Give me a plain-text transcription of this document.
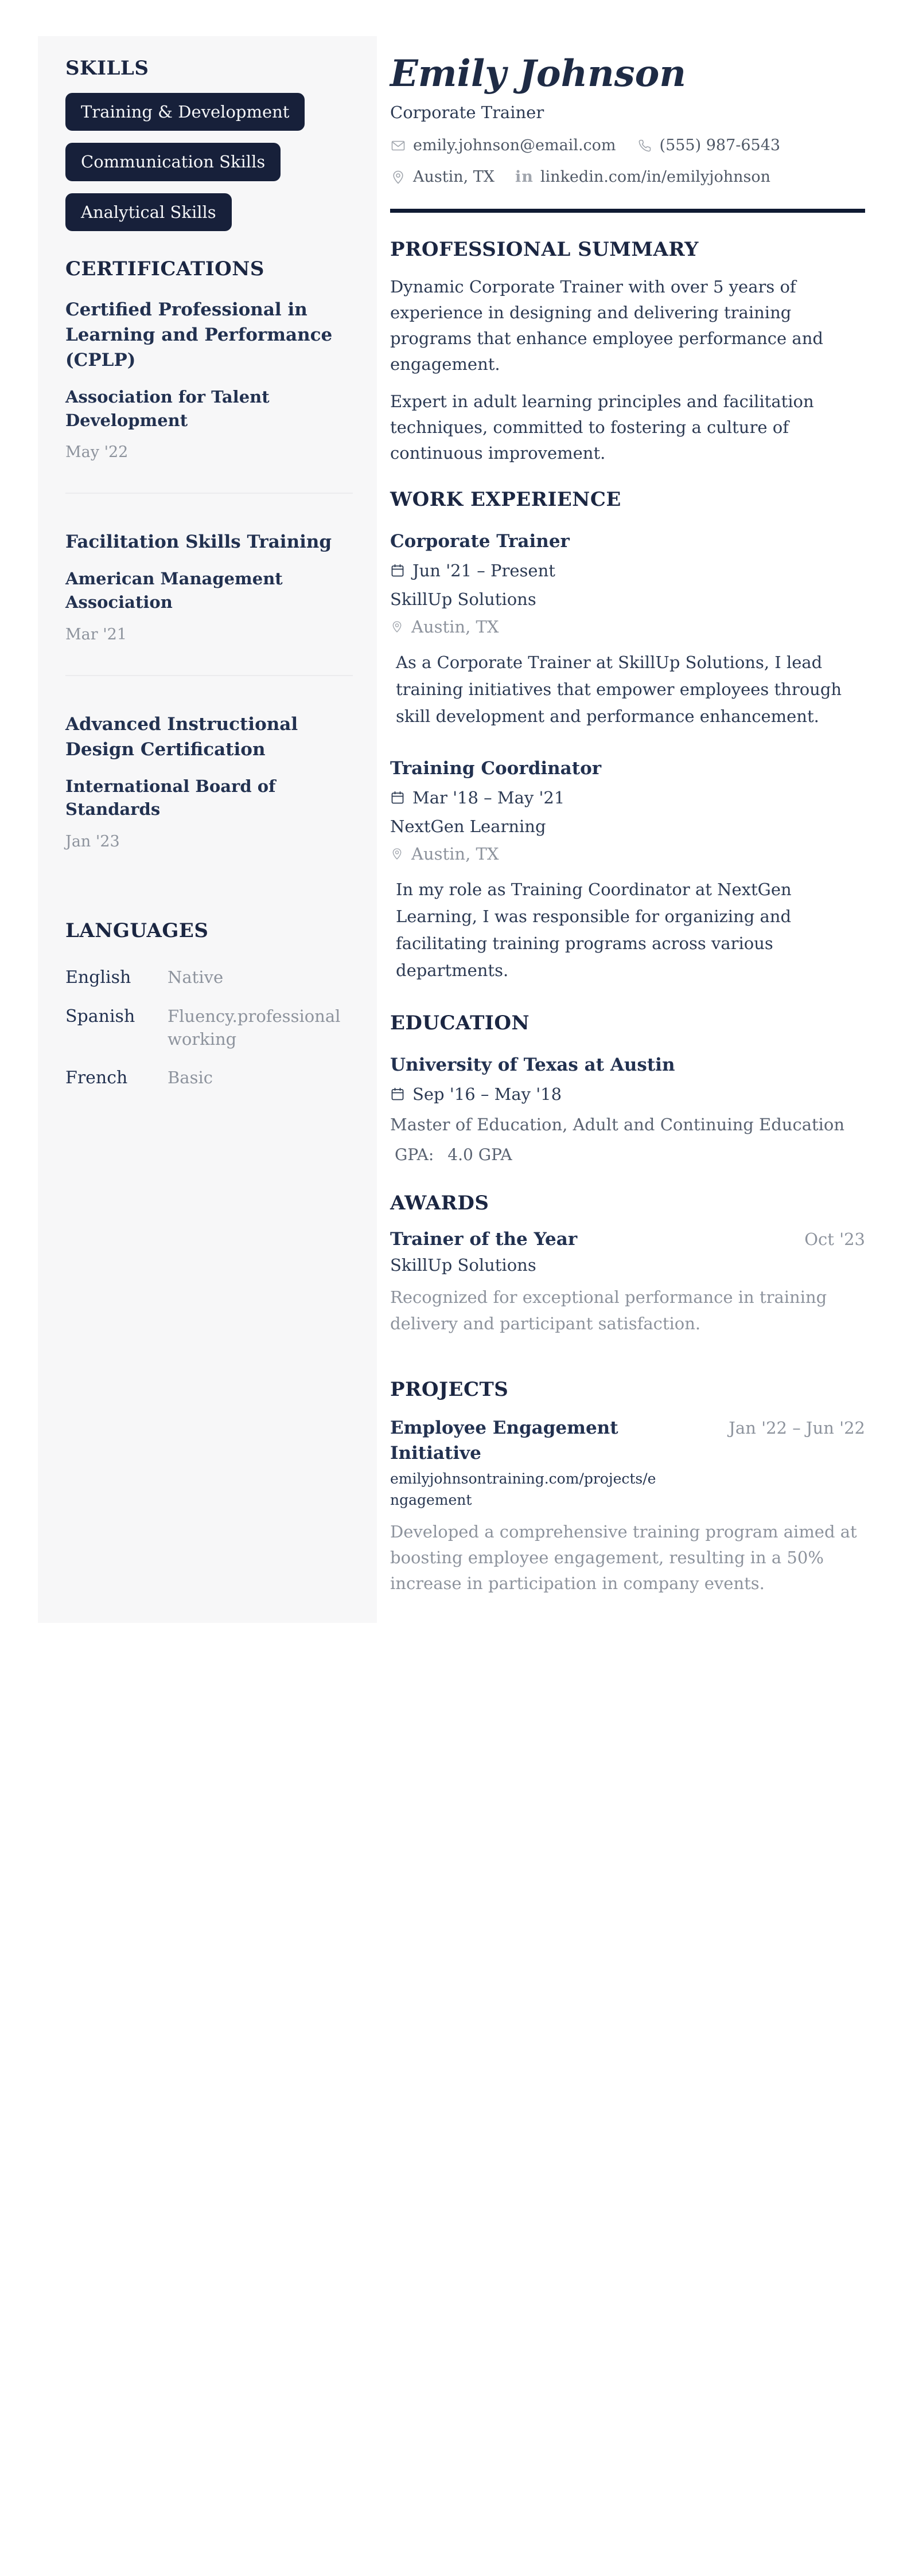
SKILLS
Training & Development
Communication Skills
Analytical Skills
CERTIFICATIONS
Certified Professional in Learning and Performance (CPLP)
Association for Talent Development
May '22
Facilitation Skills Training
American Management Association
Mar '21
Advanced Instructional Design Certification
International Board of Standards
Jan '23
LANGUAGES
English	Native
Spanish	Fluency.professional working
French	Basic
Emily Johnson
Corporate Trainer
emily.johnson@email.com	(555) 987-6543
Austin, TX in linkedin.com/in/emilyjohnson
PROFESSIONAL SUMMARY

Dynamic Corporate Trainer with over 5 years of experience in designing and delivering training programs that enhance employee performance and engagement.

Expert in adult learning principles and facilitation techniques, committed to fostering a culture of continuous improvement.

WORK EXPERIENCE
Corporate Trainer
Jun '21 – Present
SkillUp Solutions
Austin, TX

As a Corporate Trainer at SkillUp Solutions, I lead training initiatives that empower employees through skill development and performance enhancement.

Training Coordinator
Mar '18 – May '21
NextGen Learning
Austin, TX

In my role as Training Coordinator at NextGen Learning, I was responsible for organizing and facilitating training programs across various departments.

EDUCATION
University of Texas at Austin
Sep '16 – May '18
Master of Education, Adult and Continuing Education
GPA: 4.0 GPA
AWARDS
Trainer of the Year	Oct '23
SkillUp Solutions

Recognized for exceptional performance in training delivery and participant satisfaction.

PROJECTS
Employee Engagement Initiative
Jan '22 – Jun '22
emilyjohnsontraining.com/projects/engagement

Developed a comprehensive training program aimed at boosting employee engagement, resulting in a 50% increase in participation in company events.
